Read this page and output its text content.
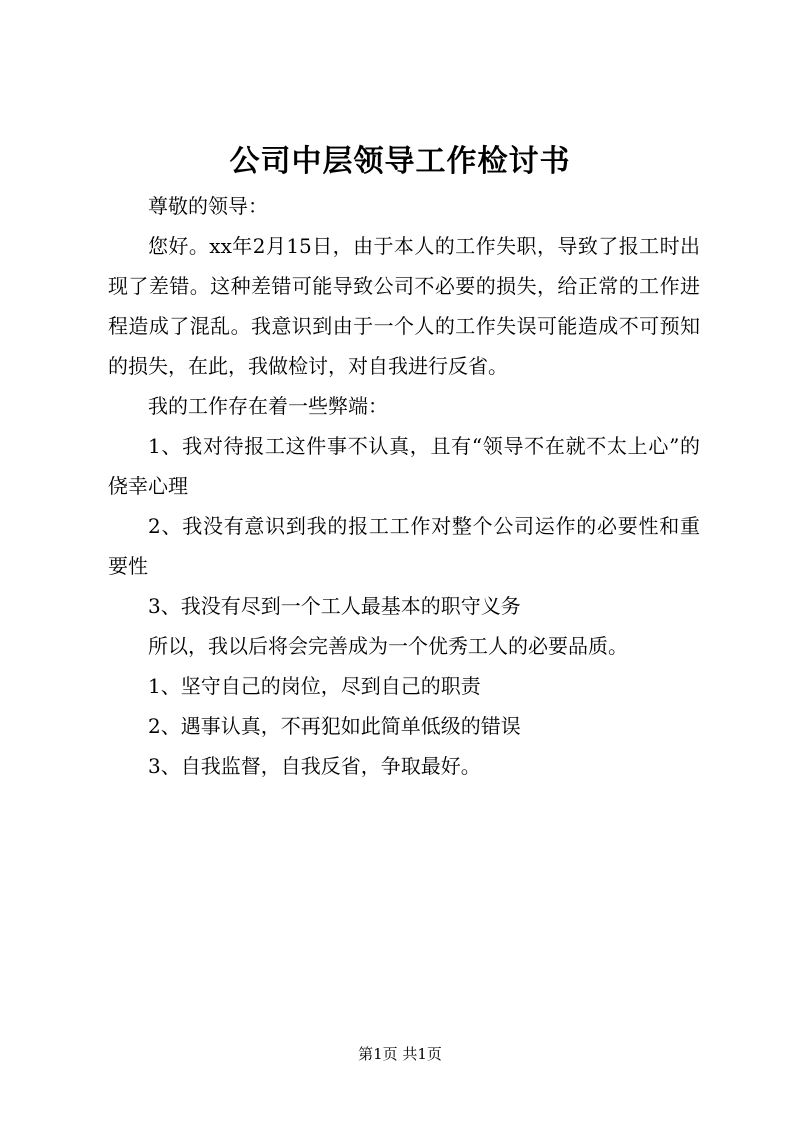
公司中层领导工作检讨书

尊敬的领导：

您好。xx年2月15日，由于本人的工作失职，导致了报工时出现了差错。这种差错可能导致公司不必要的损失，给正常的工作进程造成了混乱。我意识到由于一个人的工作失误可能造成不可预知的损失，在此，我做检讨，对自我进行反省。

我的工作存在着一些弊端：

1、我对待报工这件事不认真，且有“领导不在就不太上心”的侥幸心理

2、我没有意识到我的报工工作对整个公司运作的必要性和重要性

3、我没有尽到一个工人最基本的职守义务

所以，我以后将会完善成为一个优秀工人的必要品质。

1、坚守自己的岗位，尽到自己的职责

2、遇事认真，不再犯如此简单低级的错误

3、自我监督，自我反省，争取最好。

第1页 共1页
